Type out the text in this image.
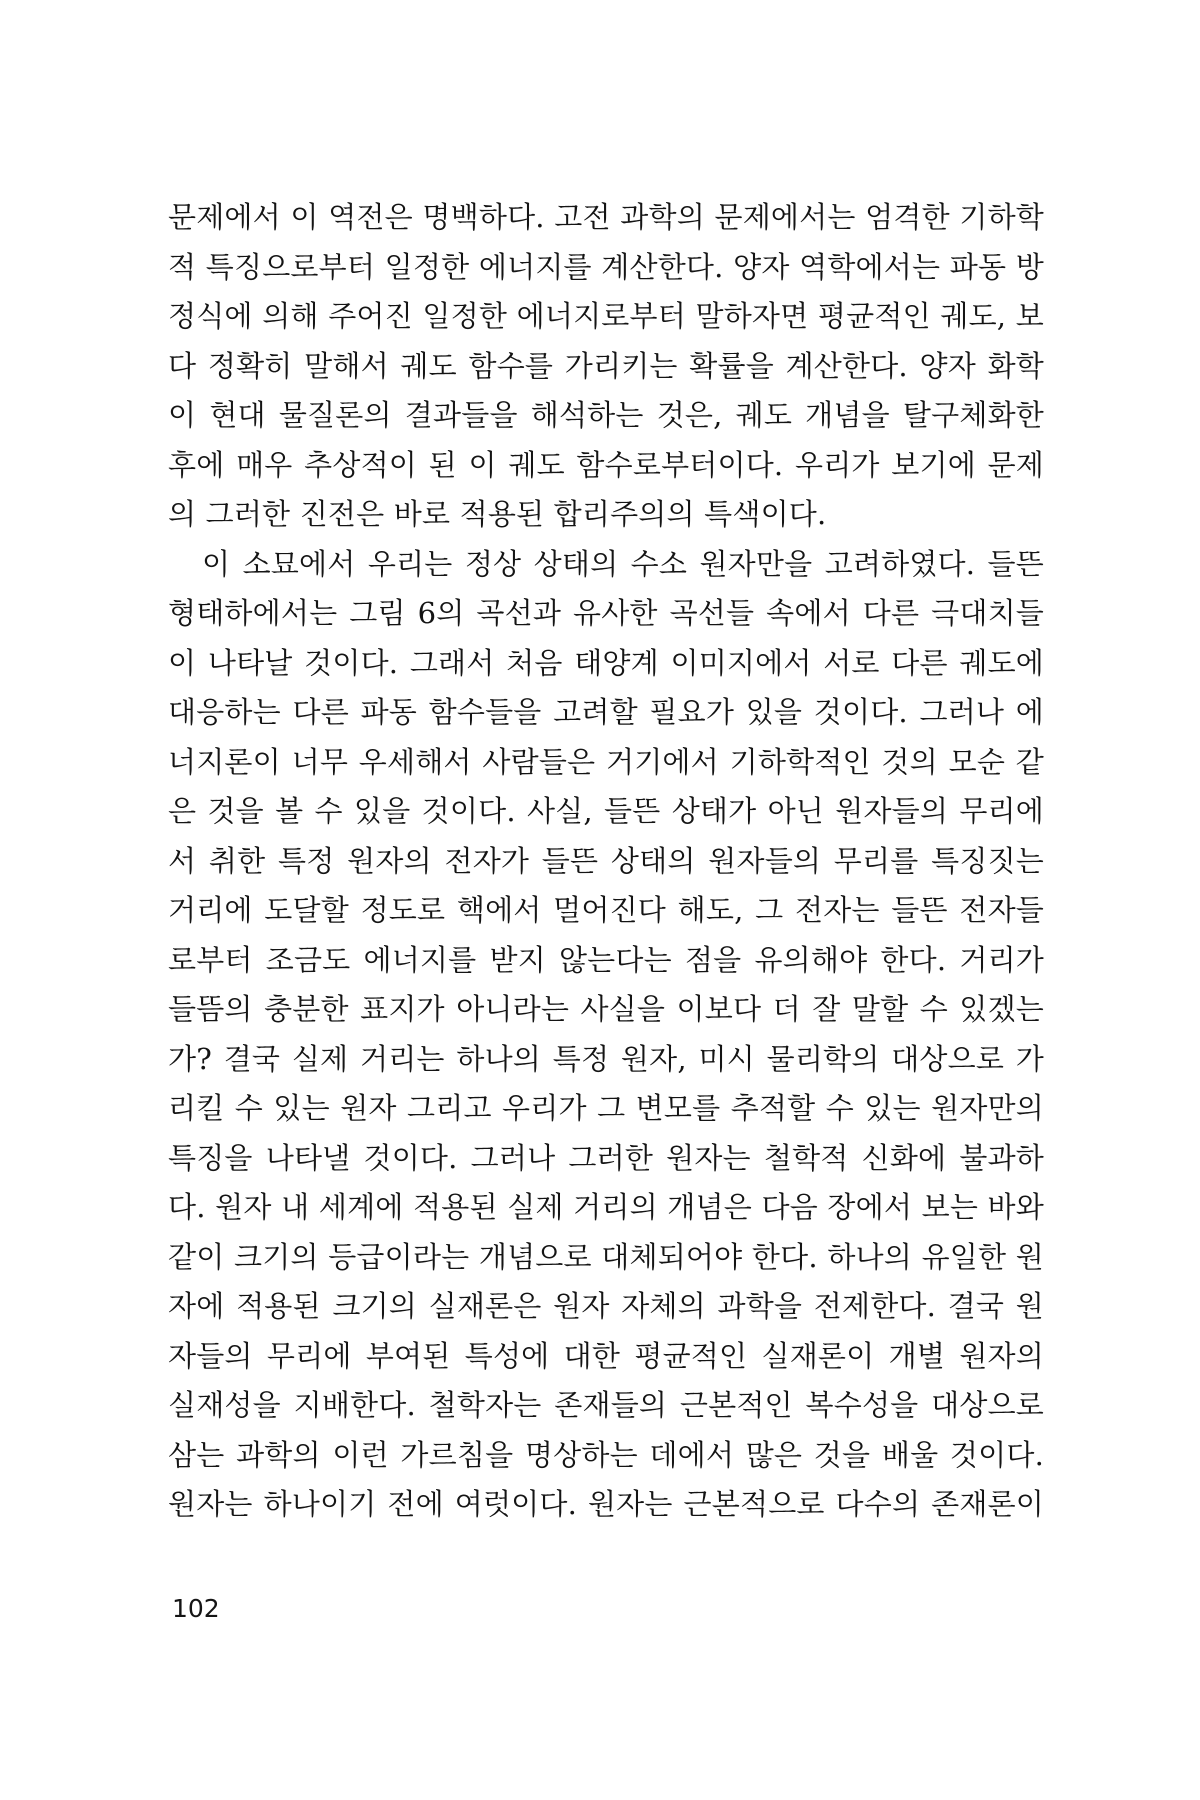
문제에서 이 역전은 명백하다. 고전 과학의 문제에서는 엄격한 기하학
적 특징으로부터 일정한 에너지를 계산한다. 양자 역학에서는 파동 방
정식에 의해 주어진 일정한 에너지로부터 말하자면 평균적인 궤도, 보
다 정확히 말해서 궤도 함수를 가리키는 확률을 계산한다. 양자 화학
이 현대 물질론의 결과들을 해석하는 것은, 궤도 개념을 탈구체화한
후에 매우 추상적이 된 이 궤도 함수로부터이다. 우리가 보기에 문제
의 그러한 진전은 바로 적용된 합리주의의 특색이다.
이 소묘에서 우리는 정상 상태의 수소 원자만을 고려하였다. 들뜬
형태하에서는 그림 6의 곡선과 유사한 곡선들 속에서 다른 극대치들
이 나타날 것이다. 그래서 처음 태양계 이미지에서 서로 다른 궤도에
대응하는 다른 파동 함수들을 고려할 필요가 있을 것이다. 그러나 에
너지론이 너무 우세해서 사람들은 거기에서 기하학적인 것의 모순 같
은 것을 볼 수 있을 것이다. 사실, 들뜬 상태가 아닌 원자들의 무리에
서 취한 특정 원자의 전자가 들뜬 상태의 원자들의 무리를 특징짓는
거리에 도달할 정도로 핵에서 멀어진다 해도, 그 전자는 들뜬 전자들
로부터 조금도 에너지를 받지 않는다는 점을 유의해야 한다. 거리가
들뜸의 충분한 표지가 아니라는 사실을 이보다 더 잘 말할 수 있겠는
가? 결국 실제 거리는 하나의 특정 원자, 미시 물리학의 대상으로 가
리킬 수 있는 원자 그리고 우리가 그 변모를 추적할 수 있는 원자만의
특징을 나타낼 것이다. 그러나 그러한 원자는 철학적 신화에 불과하
다. 원자 내 세계에 적용된 실제 거리의 개념은 다음 장에서 보는 바와
같이 크기의 등급이라는 개념으로 대체되어야 한다. 하나의 유일한 원
자에 적용된 크기의 실재론은 원자 자체의 과학을 전제한다. 결국 원
자들의 무리에 부여된 특성에 대한 평균적인 실재론이 개별 원자의
실재성을 지배한다. 철학자는 존재들의 근본적인 복수성을 대상으로
삼는 과학의 이런 가르침을 명상하는 데에서 많은 것을 배울 것이다.
원자는 하나이기 전에 여럿이다. 원자는 근본적으로 다수의 존재론이
102
